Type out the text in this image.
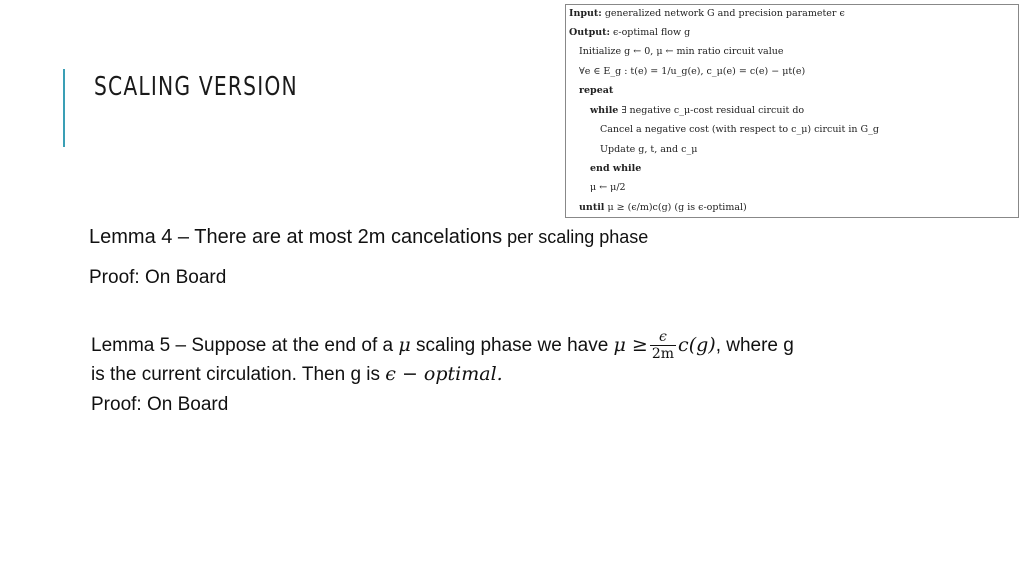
SCALING VERSION
Input: generalized network G and precision parameter ϵ
Output: ϵ-optimal flow g
Initialize g ← 0, μ ← min ratio circuit value
∀e ∈ E_g : t(e) = 1/u_g(e), c_μ(e) = c(e) − μt(e)
repeat
while ∃ negative c_μ-cost residual circuit do
Cancel a negative cost (with respect to c_μ) circuit in G_g
Update g, t, and c_μ
end while
μ ← μ/2
until μ ≥ (ϵ/m)c(g) (g is ϵ-optimal)
Lemma 4 – There are at most 2m cancelations per scaling phase
Proof: On Board
Lemma 5 – Suppose at the end of a μ scaling phase we have $\mu \ge \frac{\epsilon}{2m} c(g)$, where g
is the current circulation. Then g is ϵ − optimal.
Proof: On Board
